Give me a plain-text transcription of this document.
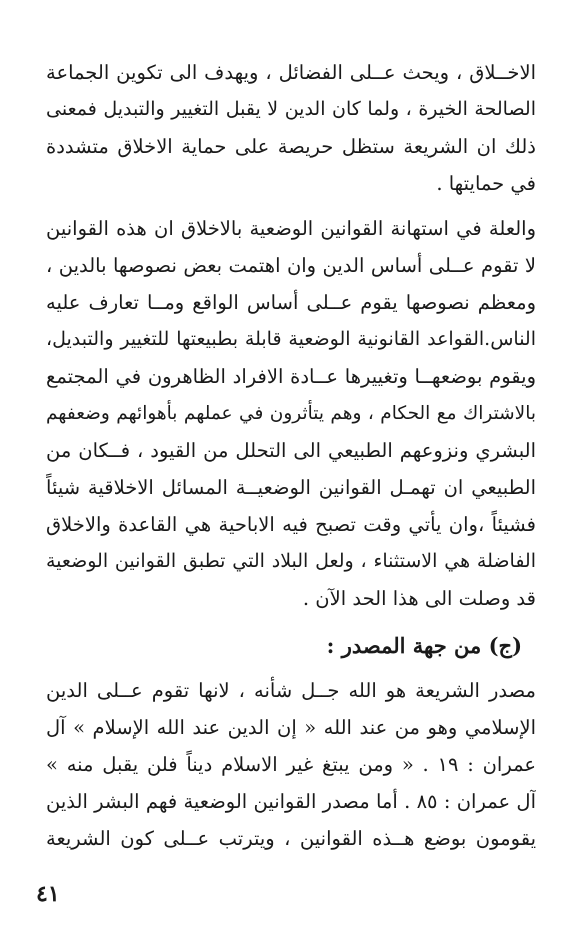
الاخــلاق ، ويحث عــلى الفضائل ، ويهدف الى تكوين الجماعة
الصالحة الخيرة ، ولما كان الدين لا يقبل التغيير والتبديل فمعنى
ذلك ان الشريعة ستظل حريصة على حماية الاخلاق متشددة
في حمايتها .
والعلة في استهانة القوانين الوضعية بالاخلاق ان هذه القوانين
لا تقوم عــلى أساس الدين وان اهتمت بعض نصوصها بالدين ،
ومعظم نصوصها يقوم عــلى أساس الواقع ومــا تعارف عليه
الناس.القواعد القانونية الوضعية قابلة بطبيعتها للتغيير والتبديل،
ويقوم بوضعهــا وتغييرها عــادة الافراد الظاهرون في المجتمع
بالاشتراك مع الحكام ، وهم يتأثرون في عملهم بأهوائهم وضعفهم
البشري ونزوعهم الطبيعي الى التحلل من القيود ، فــكان من
الطبيعي ان تهمـل القوانين الوضعيــة المسائل الاخلاقية شيئاً
فشيئاً ،وان يأتي وقت تصبح فيه الاباحية هي القاعدة والاخلاق
الفاضلة هي الاستثناء ، ولعل البلاد التي تطبق القوانين الوضعية
قد وصلت الى هذا الحد الآن .
(ج) من جهة المصدر :
مصدر الشريعة هو الله جــل شأنه ، لانها تقوم عــلى الدين
الإسلامي وهو من عند الله « إن الدين عند الله الإسلام » آل
عمران : ١٩ . « ومن يبتغ غير الاسلام ديناً فلن يقبل منه »
آل عمران : ٨٥ . أما مصدر القوانين الوضعية فهم البشر الذين
يقومون بوضع هــذه القوانين ، ويترتب عــلى كون الشريعة
٤١
